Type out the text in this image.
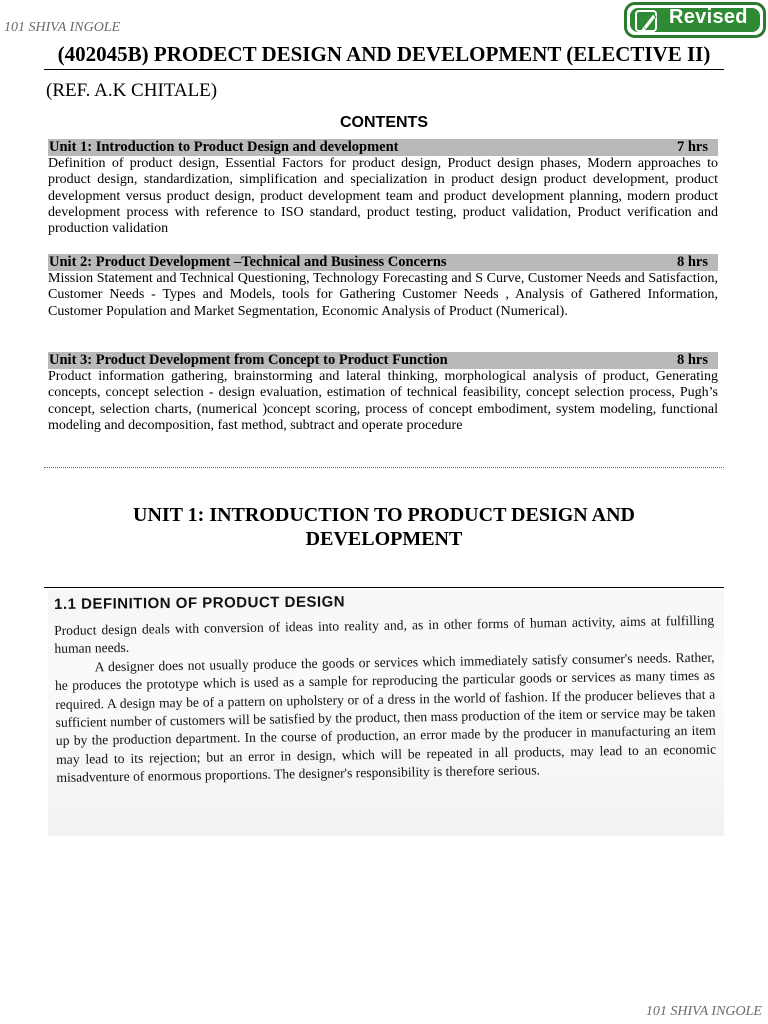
101 SHIVA INGOLE	Revised
(402045B) PRODECT DESIGN AND DEVELOPMENT (ELECTIVE II)
(REF. A.K CHITALE)
CONTENTS
Unit 1: Introduction to Product Design and development	7 hrs
Definition of product design, Essential Factors for product design, Product design phases, Modern approaches to product design, standardization, simplification and specialization in product design product development, product development versus product design, product development team and product development planning, modern product development process with reference to ISO standard, product testing, product validation, Product verification and production validation
Unit 2: Product Development –Technical and Business Concerns	8 hrs
Mission Statement and Technical Questioning, Technology Forecasting and S Curve, Customer Needs and Satisfaction, Customer Needs - Types and Models, tools for Gathering Customer Needs , Analysis of Gathered Information, Customer Population and Market Segmentation, Economic Analysis of Product (Numerical).
Unit 3: Product Development from Concept to Product Function	8 hrs
Product information gathering, brainstorming and lateral thinking, morphological analysis of product, Generating concepts, concept selection - design evaluation, estimation of technical feasibility, concept selection process, Pugh’s concept, selection charts, (numerical )concept scoring, process of concept embodiment, system modeling, functional modeling and decomposition, fast method, subtract and operate procedure
UNIT 1: INTRODUCTION TO PRODUCT DESIGN AND
DEVELOPMENT
1.1 DEFINITION OF PRODUCT DESIGN

Product design deals with conversion of ideas into reality and, as in other forms of human activity, aims at fulfilling human needs.

A designer does not usually produce the goods or services which immediately satisfy consumer's needs. Rather, he produces the prototype which is used as a sample for reproducing the particular goods or services as many times as required. A design may be of a pattern on upholstery or of a dress in the world of fashion. If the producer believes that a sufficient number of customers will be satisfied by the product, then mass production of the item or service may be taken up by the production department. In the course of production, an error made by the producer in manufacturing an item may lead to its rejection; but an error in design, which will be repeated in all products, may lead to an economic misadventure of enormous proportions. The designer's responsibility is therefore serious.

101 SHIVA INGOLE
